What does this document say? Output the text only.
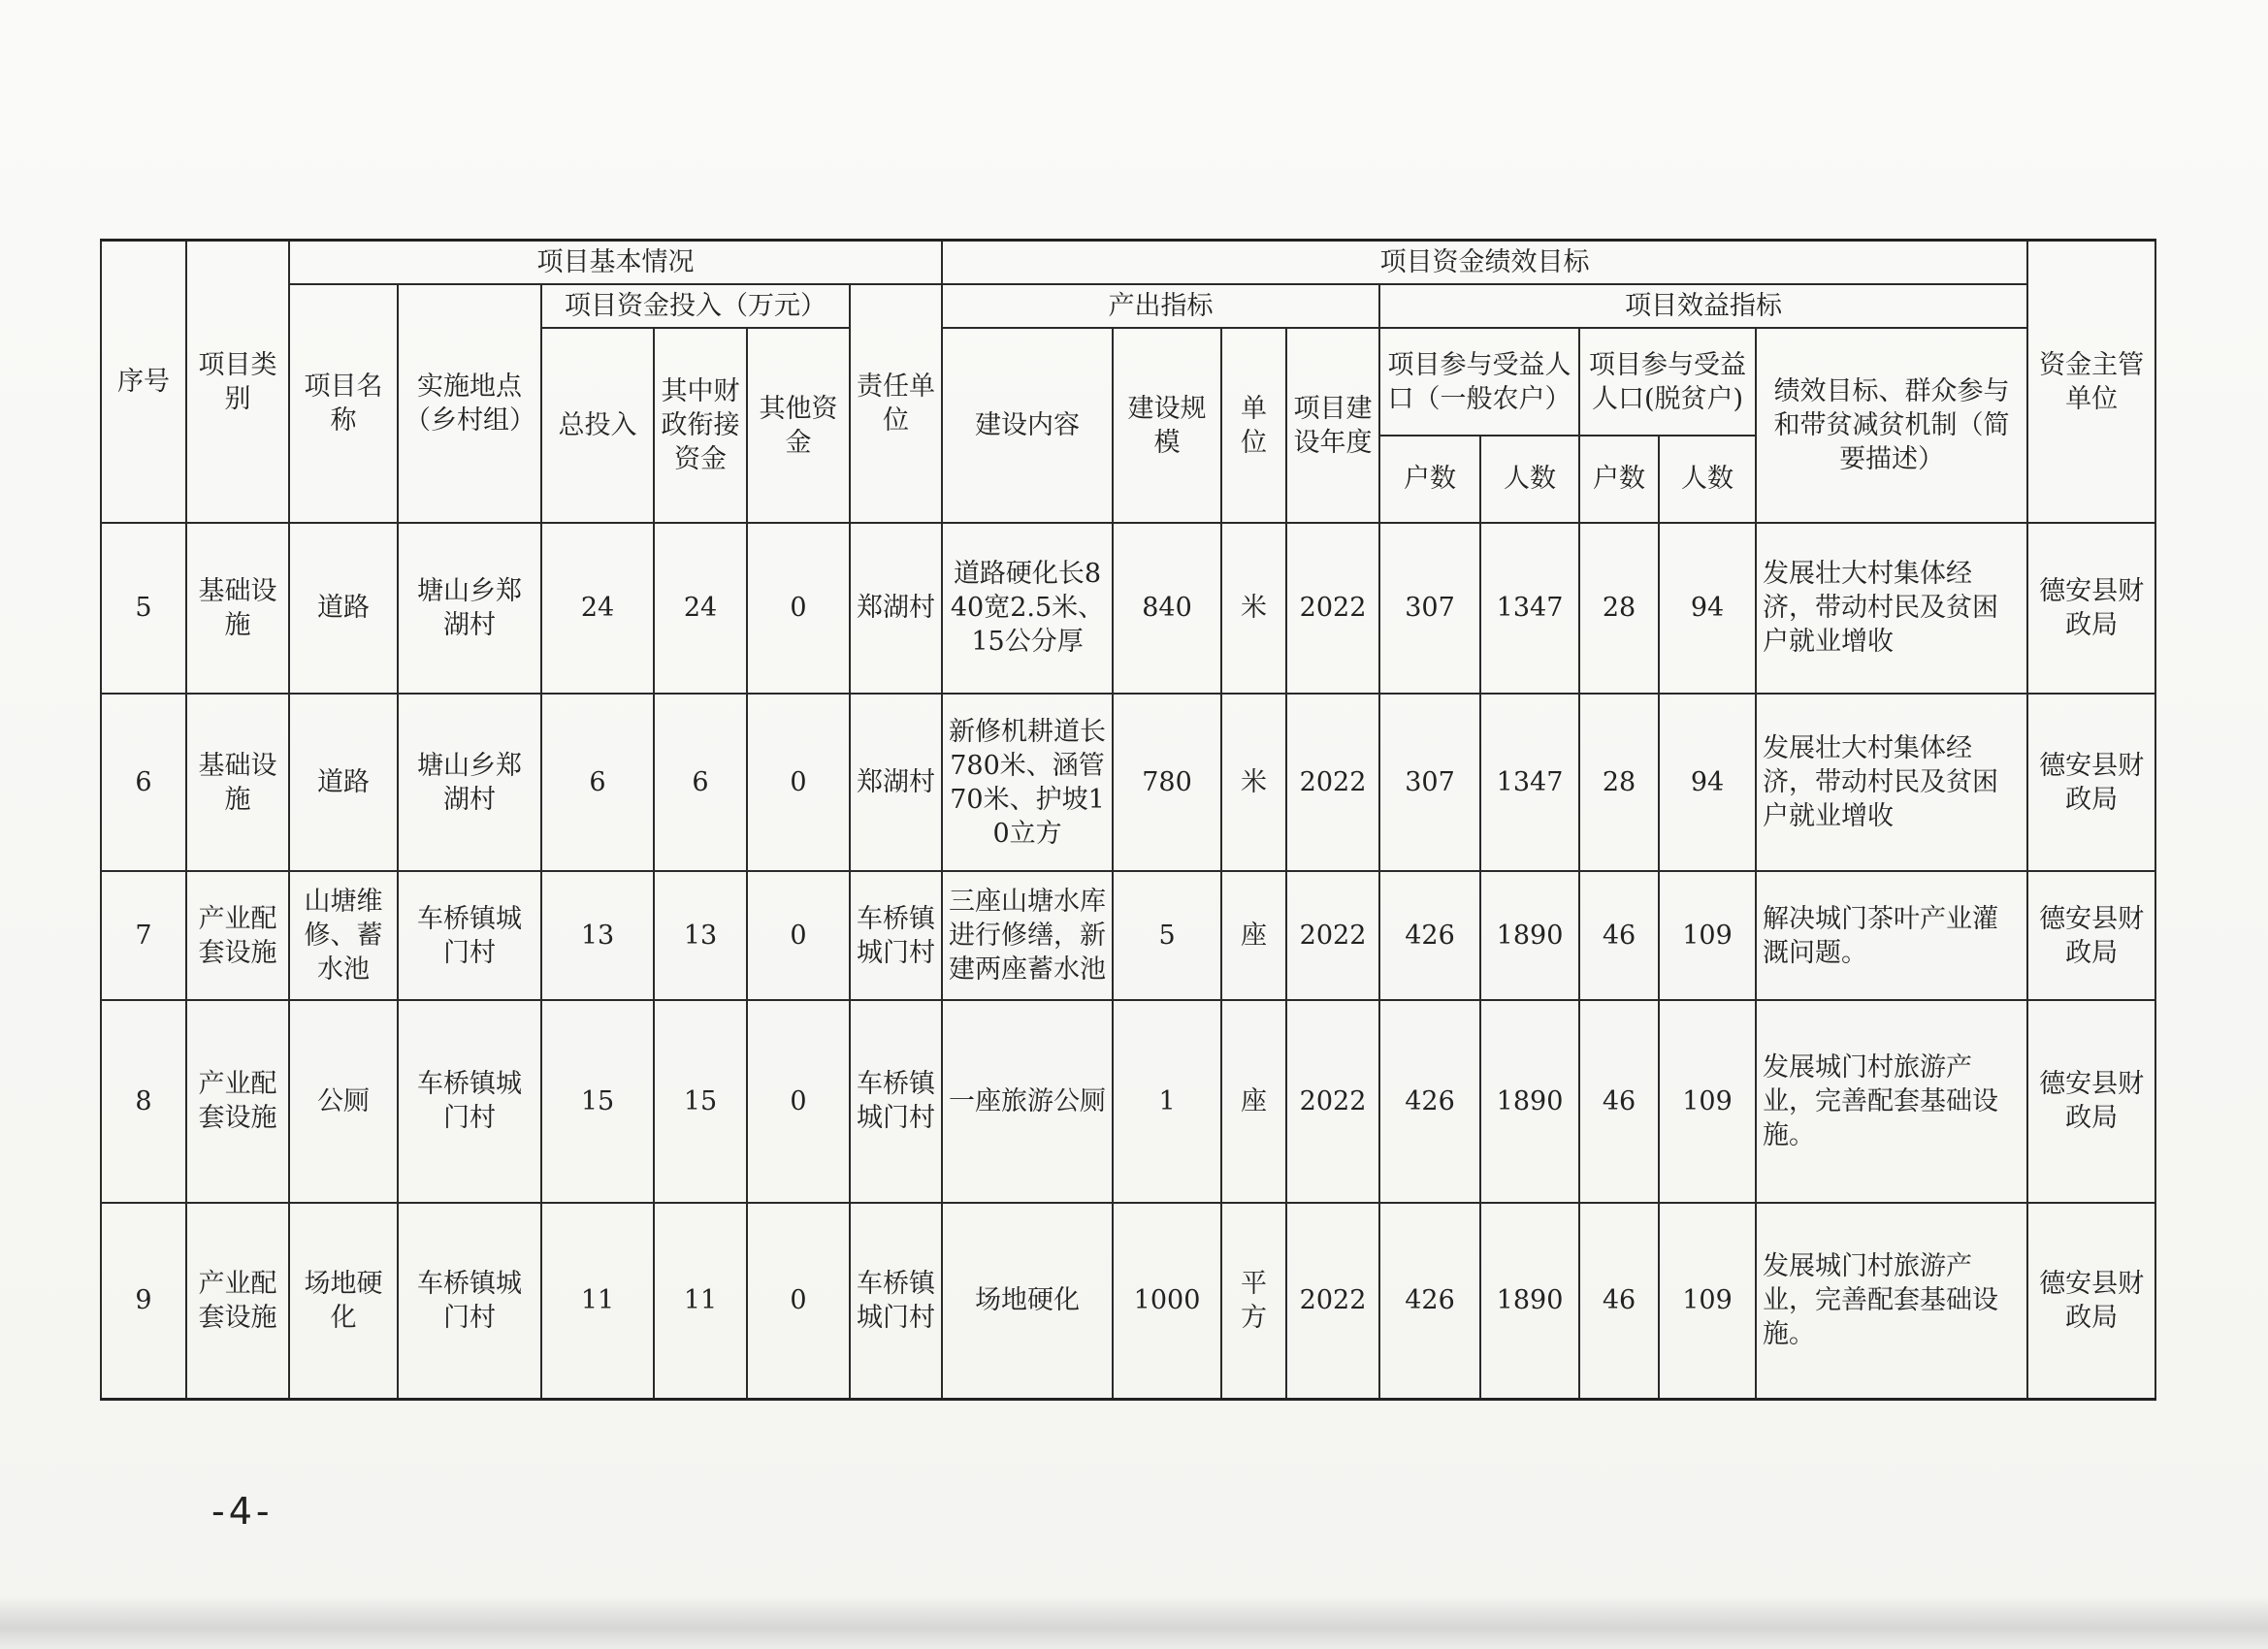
序号	项目类别	项目基本情况						项目资金绩效目标									资金主管单位
		项目名称	实施地点（乡村组）	项目资金投入（万元）			责任单位	产出指标				项目效益指标					
				总投入	其中财政衔接资金	其他资金		建设内容	建设规模	单位	项目建设年度	项目参与受益人口（一般农户）		项目参与受益人口(脱贫户)		绩效目标、群众参与和带贫减贫机制（简要描述）	
												户数	人数	户数	人数		
5	基础设施	道路	塘山乡郑湖村	24	24	0	郑湖村	道路硬化长840宽2.5米、15公分厚	840	米	2022	307	1347	28	94	发展壮大村集体经济，带动村民及贫困户就业增收	德安县财政局
6	基础设施	道路	塘山乡郑湖村	6	6	0	郑湖村	新修机耕道长780米、涵管70米、护坡10立方	780	米	2022	307	1347	28	94	发展壮大村集体经济，带动村民及贫困户就业增收	德安县财政局
7	产业配套设施	山塘维修、蓄水池	车桥镇城门村	13	13	0	车桥镇城门村	三座山塘水库进行修缮，新建两座蓄水池	5	座	2022	426	1890	46	109	解决城门茶叶产业灌溉问题。	德安县财政局
8	产业配套设施	公厕	车桥镇城门村	15	15	0	车桥镇城门村	一座旅游公厕	1	座	2022	426	1890	46	109	发展城门村旅游产业，完善配套基础设施。	德安县财政局
9	产业配套设施	场地硬化	车桥镇城门村	11	11	0	车桥镇城门村	场地硬化	1000	平方	2022	426	1890	46	109	发展城门村旅游产业，完善配套基础设施。	德安县财政局
-4-
